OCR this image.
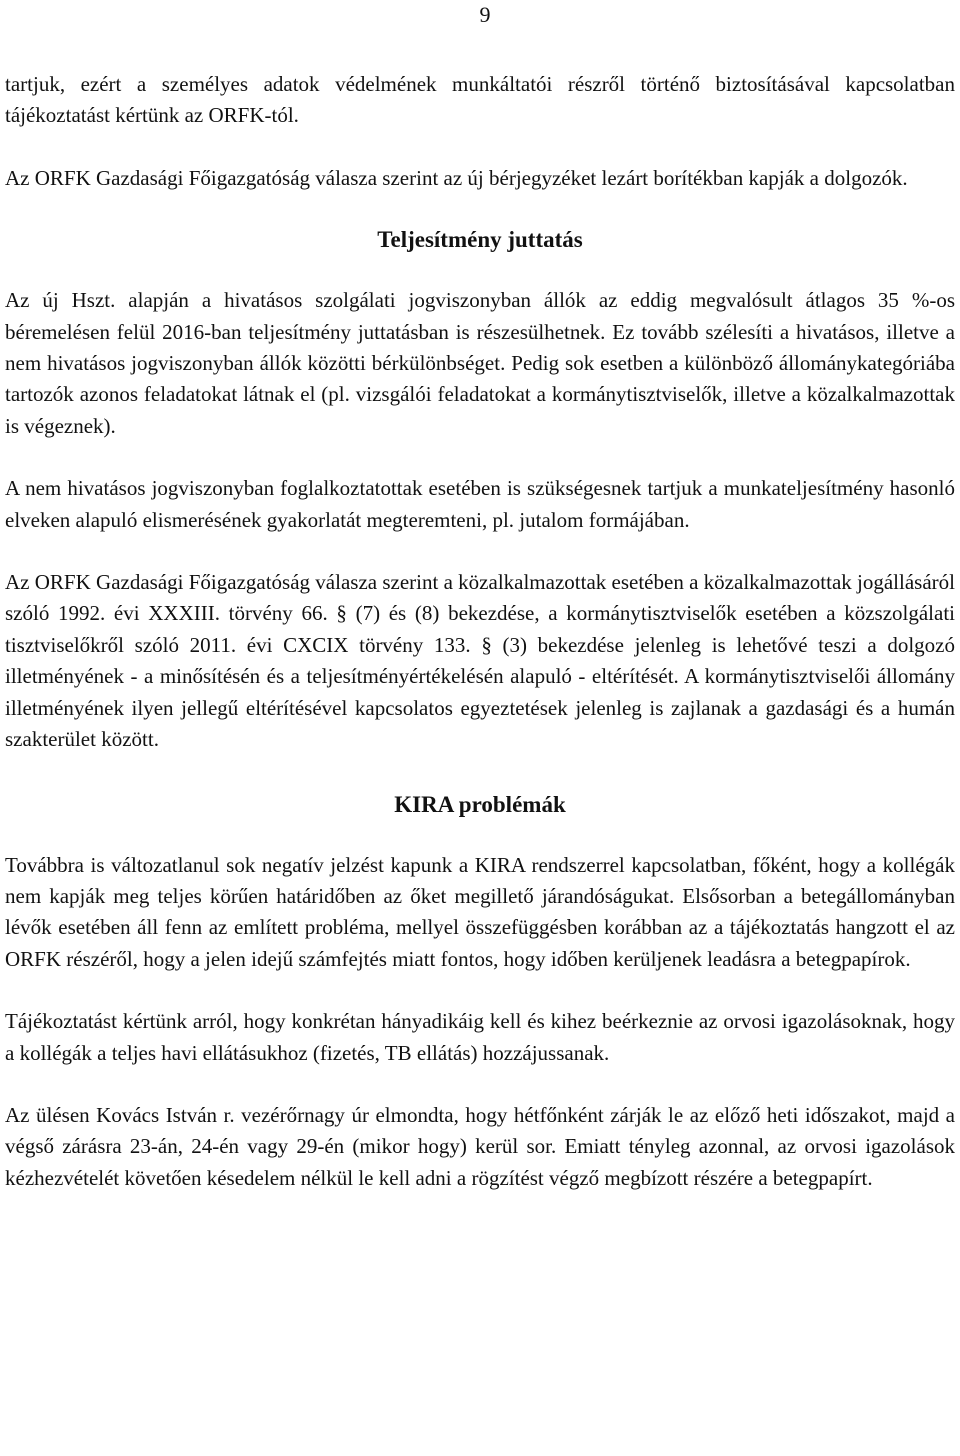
9

tartjuk, ezért a személyes adatok védelmének munkáltatói részről történő biztosításával kapcsolatban tájékoztatást kértünk az ORFK-tól.

Az ORFK Gazdasági Főigazgatóság válasza szerint az új bérjegyzéket lezárt borítékban kapják a dolgozók.

Teljesítmény juttatás

Az új Hszt. alapján a hivatásos szolgálati jogviszonyban állók az eddig megvalósult átlagos 35 %-os béremelésen felül 2016-ban teljesítmény juttatásban is részesülhetnek. Ez tovább szélesíti a hivatásos, illetve a nem hivatásos jogviszonyban állók közötti bérkülönbséget. Pedig sok esetben a különböző állománykategóriába tartozók azonos feladatokat látnak el (pl. vizsgálói feladatokat a kormánytisztviselők, illetve a közalkalmazottak is végeznek).

A nem hivatásos jogviszonyban foglalkoztatottak esetében is szükségesnek tartjuk a munkateljesítmény hasonló elveken alapuló elismerésének gyakorlatát megteremteni, pl. jutalom formájában.

Az ORFK Gazdasági Főigazgatóság válasza szerint a közalkalmazottak esetében a közalkalmazottak jogállásáról szóló 1992. évi XXXIII. törvény 66. § (7) és (8) bekezdése, a kormánytisztviselők esetében a közszolgálati tisztviselőkről szóló 2011. évi CXCIX törvény 133. § (3) bekezdése jelenleg is lehetővé teszi a dolgozó illetményének - a minősítésén és a teljesítményértékelésén alapuló - eltérítését. A kormánytisztviselői állomány illetményének ilyen jellegű eltérítésével kapcsolatos egyeztetések jelenleg is zajlanak a gazdasági és a humán szakterület között.

KIRA problémák

Továbbra is változatlanul sok negatív jelzést kapunk a KIRA rendszerrel kapcsolatban, főként, hogy a kollégák nem kapják meg teljes körűen határidőben az őket megillető járandóságukat. Elsősorban a betegállományban lévők esetében áll fenn az említett probléma, mellyel összefüggésben korábban az a tájékoztatás hangzott el az ORFK részéről, hogy a jelen idejű számfejtés miatt fontos, hogy időben kerüljenek leadásra a betegpapírok.

Tájékoztatást kértünk arról, hogy konkrétan hányadikáig kell és kihez beérkeznie az orvosi igazolásoknak, hogy a kollégák a teljes havi ellátásukhoz (fizetés, TB ellátás) hozzájussanak.

Az ülésen Kovács István r. vezérőrnagy úr elmondta, hogy hétfőnként zárják le az előző heti időszakot, majd a végső zárásra 23-án, 24-én vagy 29-én (mikor hogy) kerül sor. Emiatt tényleg azonnal, az orvosi igazolások kézhezvételét követően késedelem nélkül le kell adni a rögzítést végző megbízott részére a betegpapírt.
